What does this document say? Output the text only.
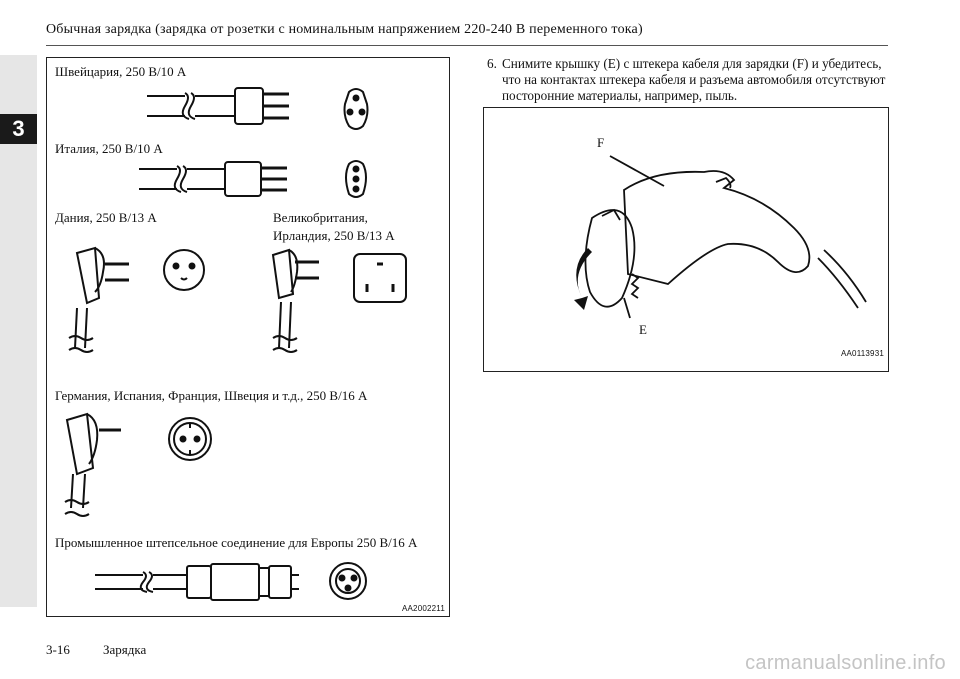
3
Обычная зарядка (зарядка от розетки с номинальным напряжением 220-240 В переменного тока)
Швейцария, 250 В/10 А
Италия, 250 В/10 А
Дания, 250 В/13 А	Великобритания,
Ирландия, 250 В/13 А
Германия, Испания, Франция, Швеция и т.д., 250 В/16 А
Промышленное штепсельное соединение для Европы 250 В/16 А
AA2002211
6. Снимите крышку (E) с штекера кабеля для зарядки (F) и убедитесь, что на контактах штекера кабеля и разъема автомобиля отсутствуют посторонние материалы, например, пыль.
F
E
AA0113931
3-16	Зарядка
carmanualsonline.info
